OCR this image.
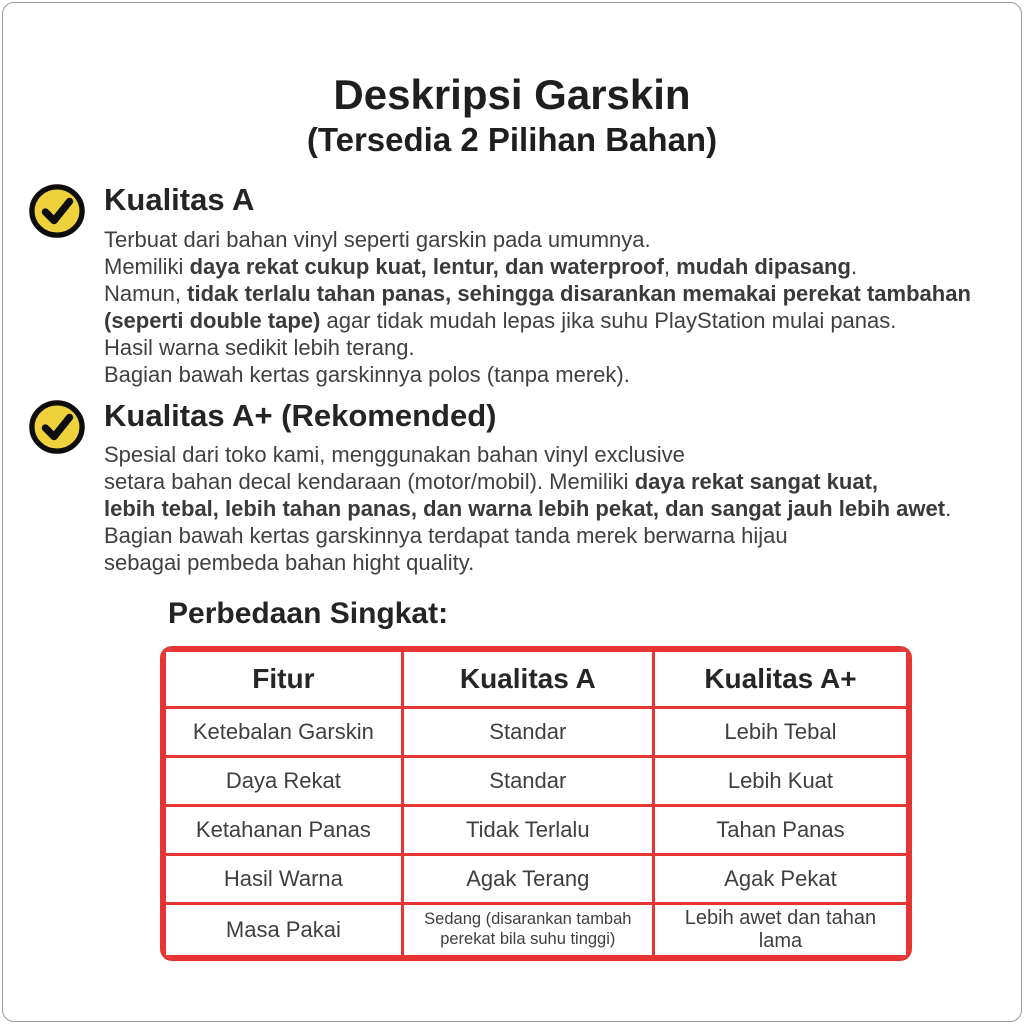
Deskripsi Garskin
(Tersedia 2 Pilihan Bahan)
Kualitas A

Terbuat dari bahan vinyl seperti garskin pada umumnya.

Memiliki daya rekat cukup kuat, lentur, dan waterproof, mudah dipasang.

Namun, tidak terlalu tahan panas, sehingga disarankan memakai perekat tambahan

(seperti double tape) agar tidak mudah lepas jika suhu PlayStation mulai panas.

Hasil warna sedikit lebih terang.

Bagian bawah kertas garskinnya polos (tanpa merek).

Kualitas A+ (Rekomended)

Spesial dari toko kami, menggunakan bahan vinyl exclusive

setara bahan decal kendaraan (motor/mobil). Memiliki daya rekat sangat kuat,

lebih tebal, lebih tahan panas, dan warna lebih pekat, dan sangat jauh lebih awet.

Bagian bawah kertas garskinnya terdapat tanda merek berwarna hijau

sebagai pembeda bahan hight quality.

Perbedaan Singkat:
Fitur	Kualitas A	Kualitas A+
Ketebalan Garskin	Standar	Lebih Tebal
Daya Rekat	Standar	Lebih Kuat
Ketahanan Panas	Tidak Terlalu	Tahan Panas
Hasil Warna	Agak Terang	Agak Pekat
Masa Pakai	Sedang (disarankan tambah perekat bila suhu tinggi)	Lebih awet dan tahan lama
